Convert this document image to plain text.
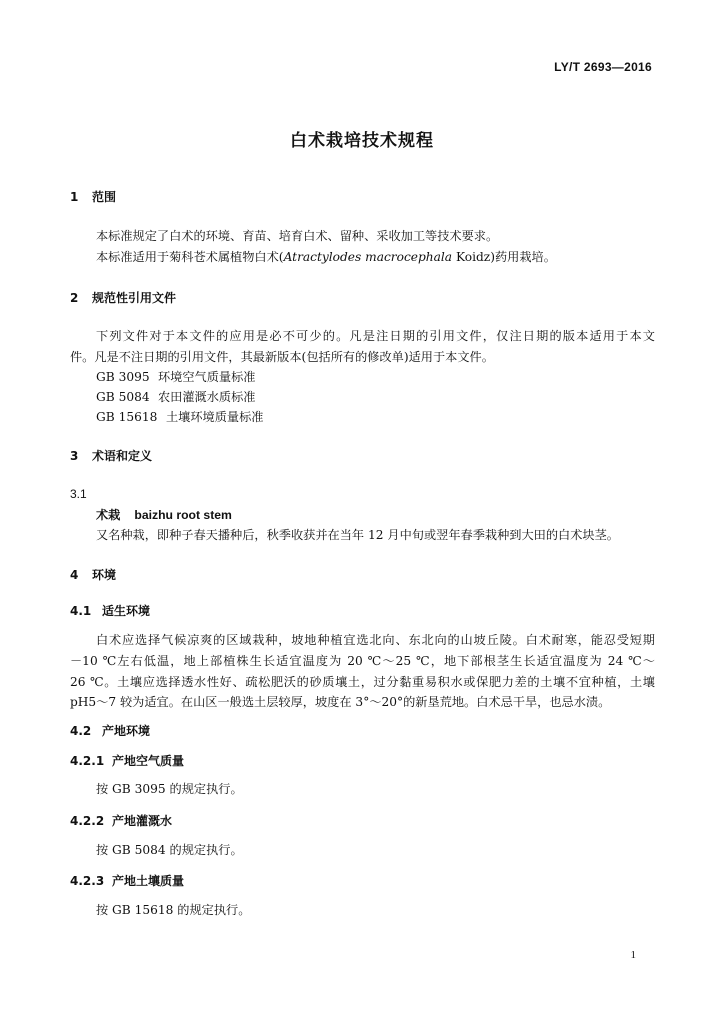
LY/T 2693—2016
白术栽培技术规程
1 范围
本标准规定了白术的环境、育苗、培育白术、留种、采收加工等技术要求。
本标准适用于菊科苍术属植物白术(Atractylodes macrocephala Koidz)药用栽培。
2 规范性引用文件
下列文件对于本文件的应用是必不可少的。凡是注日期的引用文件，仅注日期的版本适用于本文
件。凡是不注日期的引用文件，其最新版本(包括所有的修改单)适用于本文件。
GB 3095 环境空气质量标准
GB 5084 农田灌溉水质标准
GB 15618 土壤环境质量标准
3 术语和定义
3.1
术栽 baizhu root stem
又名种栽，即种子春天播种后，秋季收获并在当年 12 月中旬或翌年春季栽种到大田的白术块茎。
4 环境
4.1 适生环境
白术应选择气候凉爽的区域栽种，坡地种植宜选北向、东北向的山坡丘陵。白术耐寒，能忍受短期
－10 ℃左右低温，地上部植株生长适宜温度为 20 ℃～25 ℃，地下部根茎生长适宜温度为 24 ℃～
26 ℃。土壤应选择透水性好、疏松肥沃的砂质壤土，过分黏重易积水或保肥力差的土壤不宜种植，土壤
pH5～7 较为适宜。在山区一般选土层较厚，坡度在 3°～20°的新垦荒地。白术忌干旱，也忌水渍。
4.2 产地环境
4.2.1 产地空气质量
按 GB 3095 的规定执行。
4.2.2 产地灌溉水
按 GB 5084 的规定执行。
4.2.3 产地土壤质量
按 GB 15618 的规定执行。
1
